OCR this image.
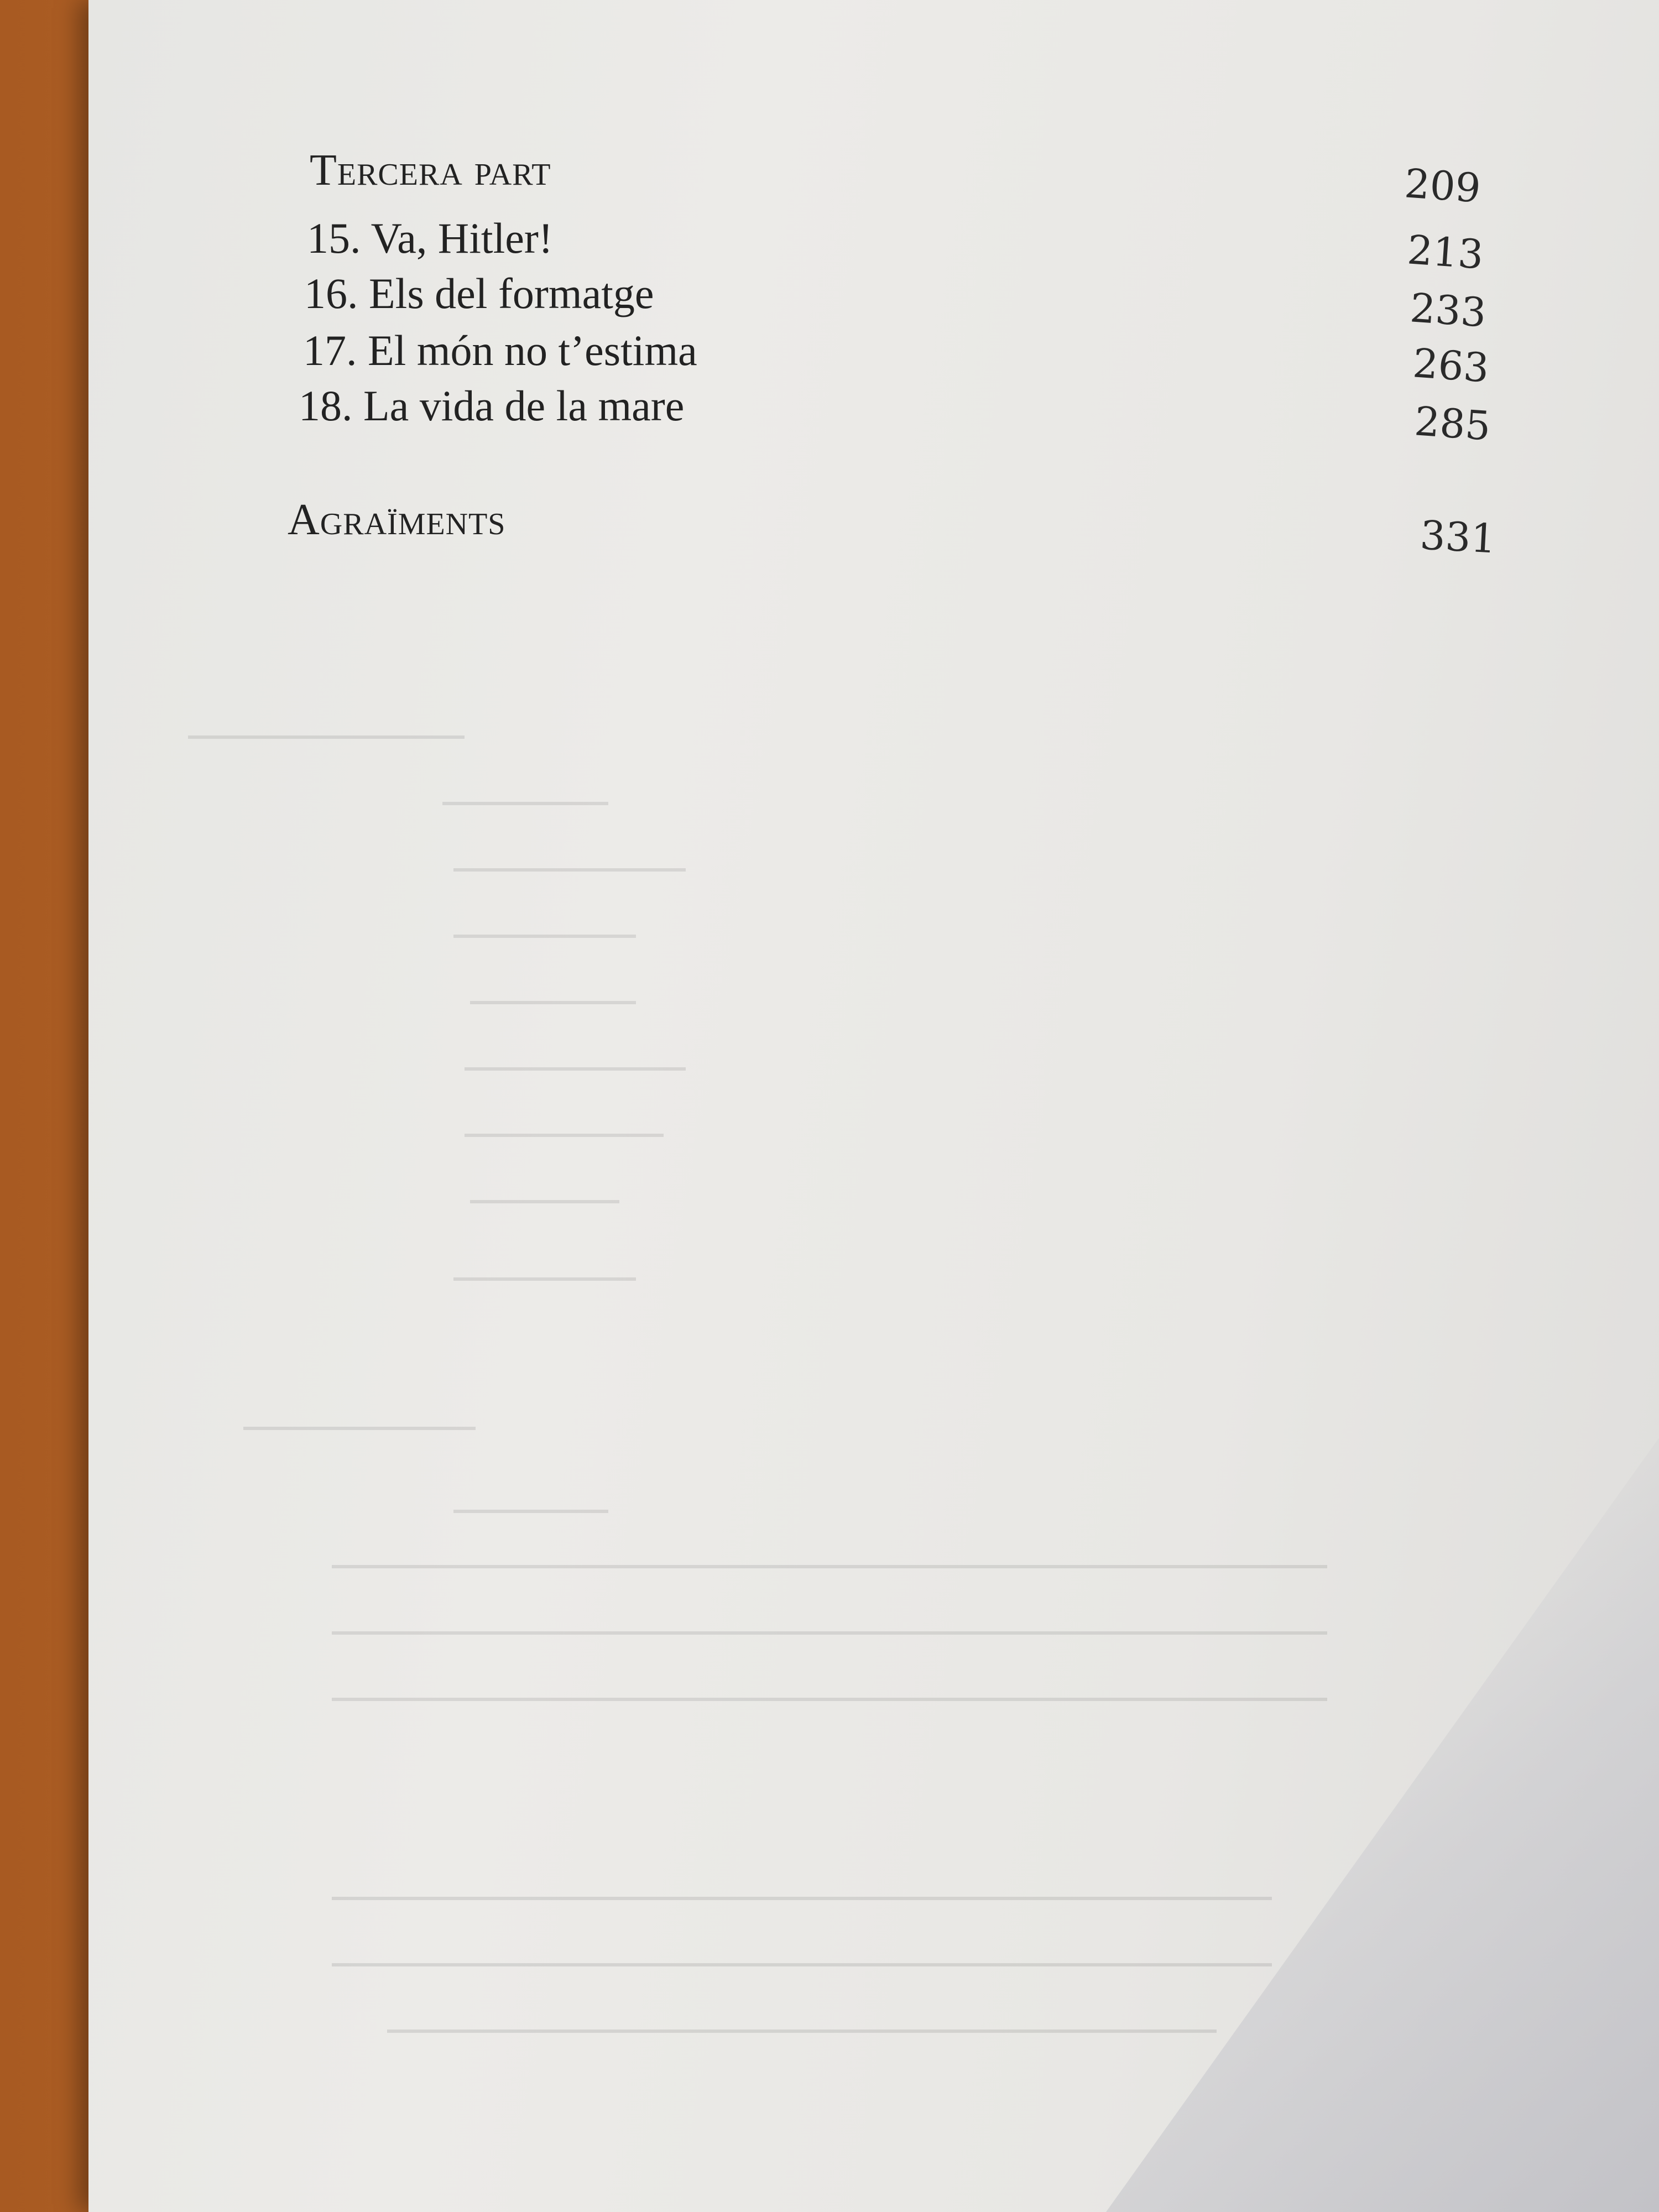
Tercera part	209
15. Va, Hitler!	213
16. Els del formatge	233
17. El món no t’estima	263
18. La vida de la mare	285
Agraïments	331
